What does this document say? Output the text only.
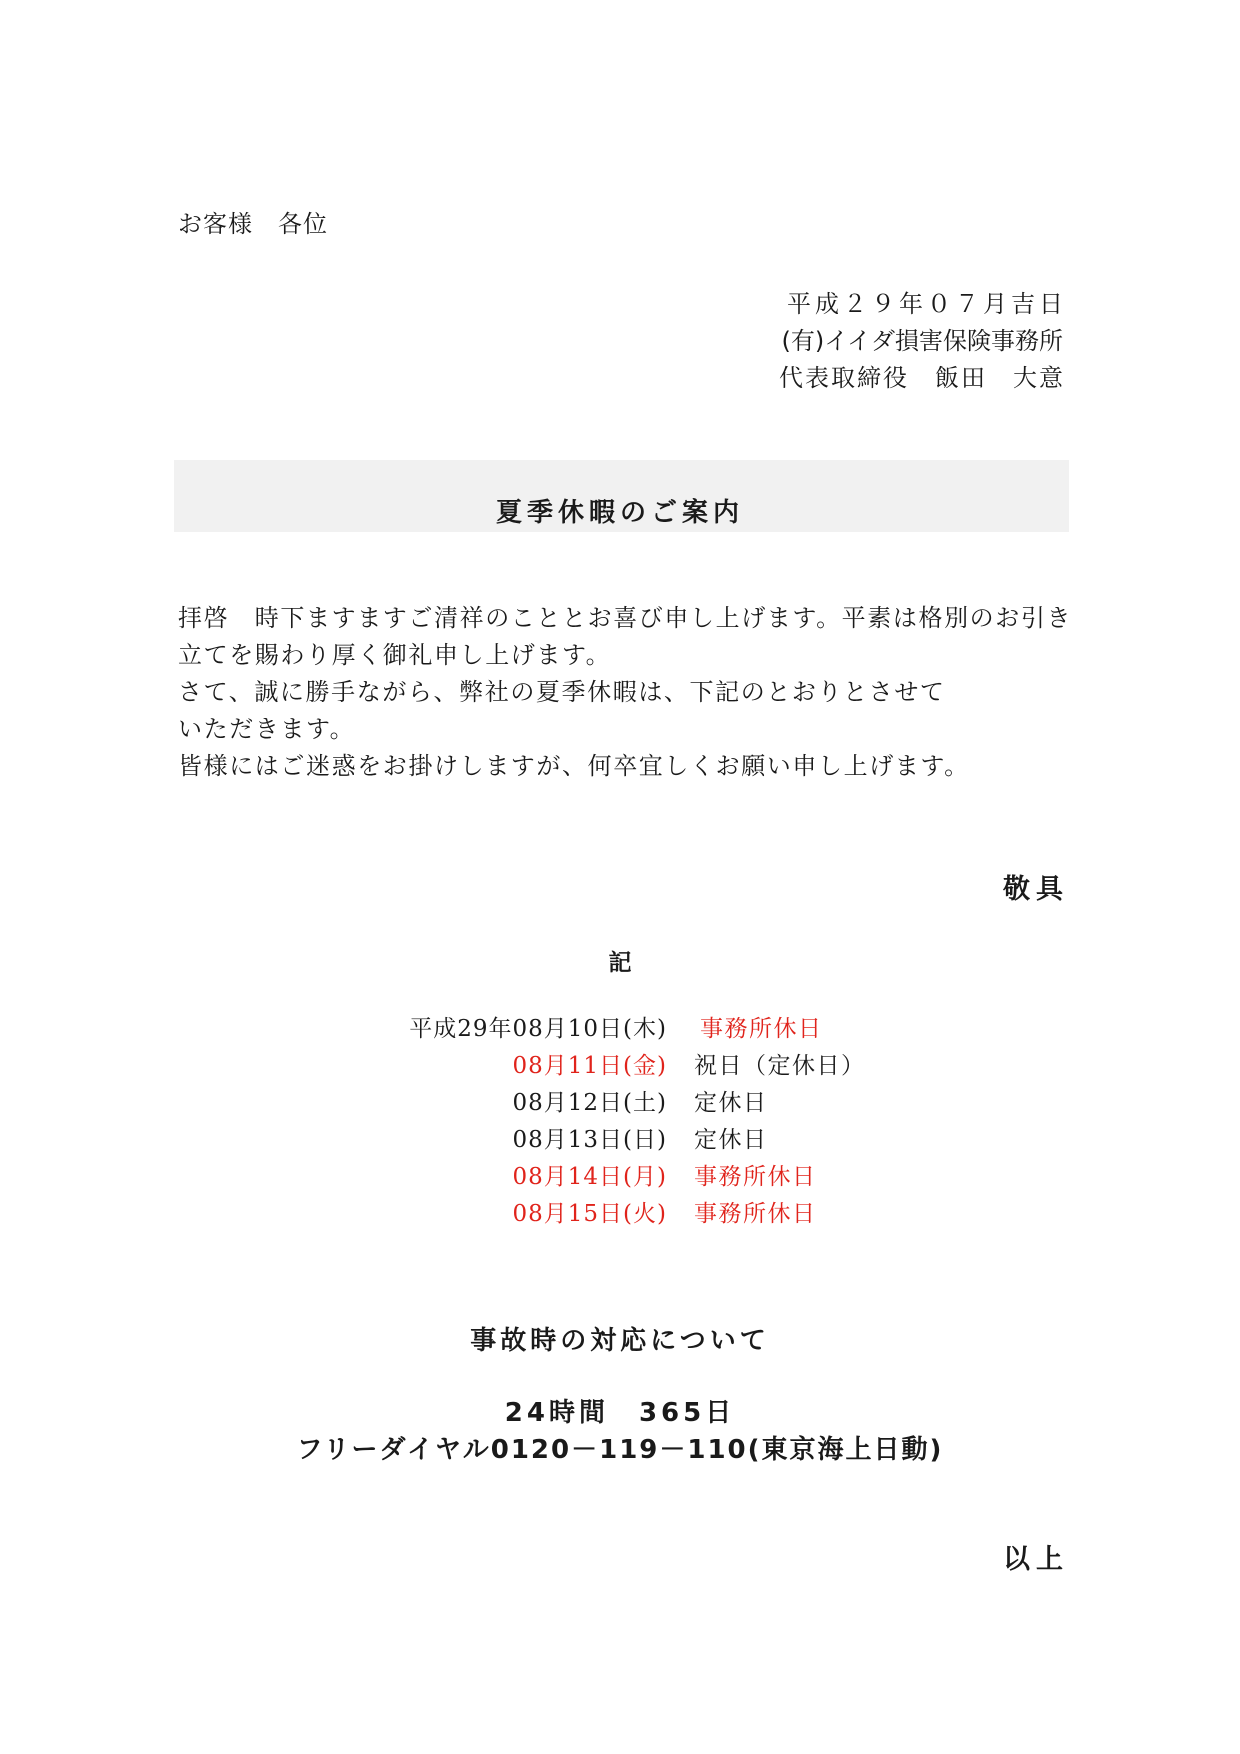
お客様　各位
平成２９年０７月吉日
(有)イイダ損害保険事務所
代表取締役　飯田　大意
夏季休暇のご案内
拝啓　時下ますますご清祥のこととお喜び申し上げます。平素は格別のお引き
立てを賜わり厚く御礼申し上げます。
さて、誠に勝手ながら、弊社の夏季休暇は、下記のとおりとさせて
いただきます。
皆様にはご迷惑をお掛けしますが、何卒宜しくお願い申し上げます。
敬具
記
平成29年08月10日(木) 事務所休日
08月11日(金) 祝日（定休日）
08月12日(土) 定休日
08月13日(日) 定休日
08月14日(月) 事務所休日
08月15日(火) 事務所休日
事故時の対応について
24時間　365日
フリーダイヤル0120－119－110(東京海上日動)
以上
